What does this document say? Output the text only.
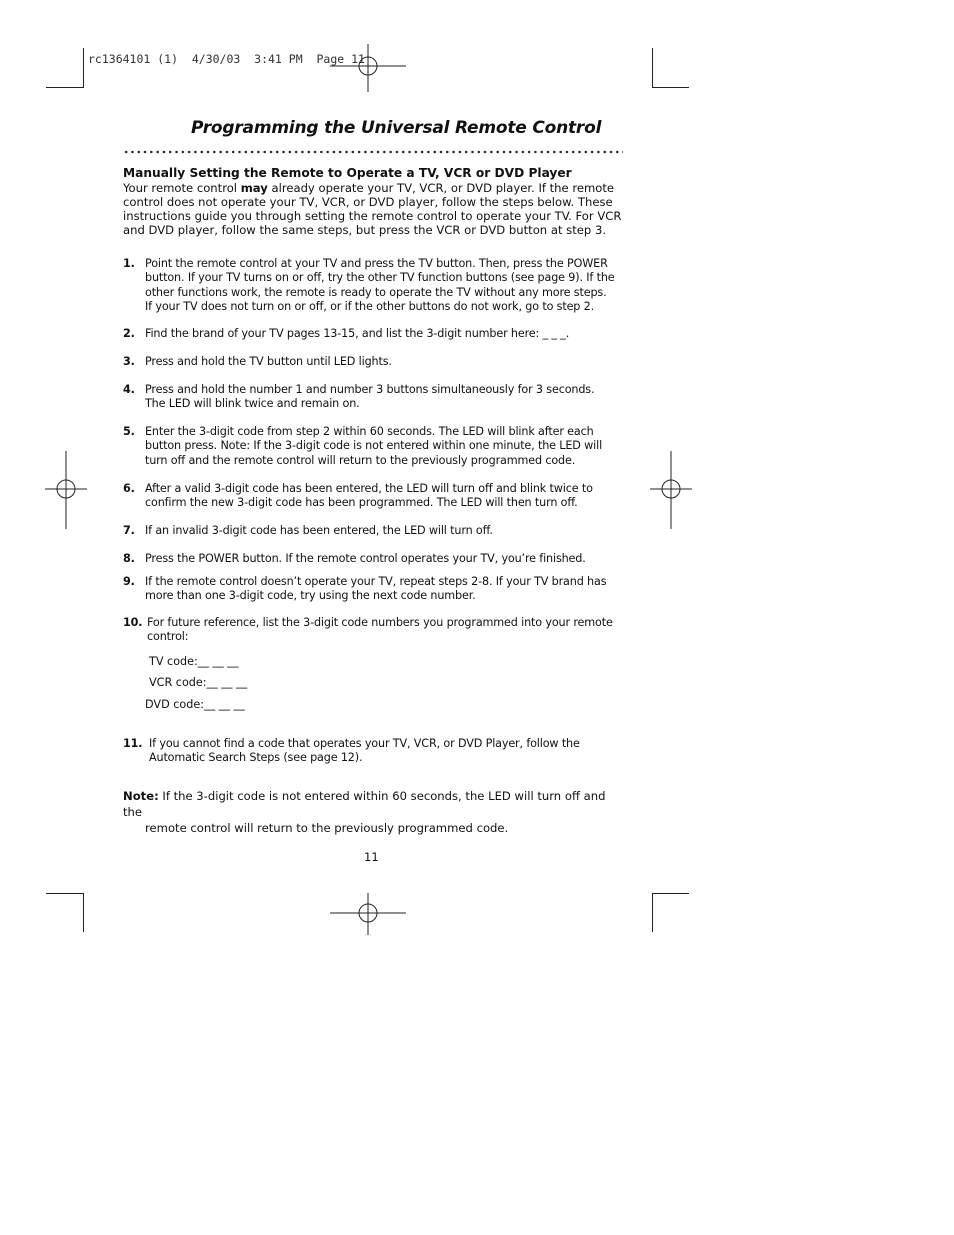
rc1364101 (1)  4/30/03  3:41 PM  Page 11
Programming the Universal Remote Control
Manually Setting the Remote to Operate a TV, VCR or DVD Player
Your remote control may already operate your TV, VCR, or DVD player. If the remote control does not operate your TV, VCR, or DVD player, follow the steps below. These instructions guide you through setting the remote control to operate your TV. For VCR and DVD player, follow the same steps, but press the VCR or DVD button at step 3.
1. Point the remote control at your TV and press the TV button. Then, press the POWER button. If your TV turns on or off, try the other TV function buttons (see page 9). If the other functions work, the remote is ready to operate the TV without any more steps. If your TV does not turn on or off, or if the other buttons do not work, go to step 2.
2. Find the brand of your TV pages 13-15, and list the 3-digit number here: _ _ _.
3. Press and hold the TV button until LED lights.
4. Press and hold the number 1 and number 3 buttons simultaneously for 3 seconds. The LED will blink twice and remain on.
5. Enter the 3-digit code from step 2 within 60 seconds. The LED will blink after each button press. Note: If the 3-digit code is not entered within one minute, the LED will turn off and the remote control will return to the previously programmed code.
6. After a valid 3-digit code has been entered, the LED will turn off and blink twice to confirm the new 3-digit code has been programmed. The LED will then turn off.
7. If an invalid 3-digit code has been entered, the LED will turn off.
8. Press the POWER button. If the remote control operates your TV, you’re finished.
9. If the remote control doesn’t operate your TV, repeat steps 2-8. If your TV brand has more than one 3-digit code, try using the next code number.
10. For future reference, list the 3-digit code numbers you programmed into your remote control:
TV code:__ __ __
VCR code:__ __ __
DVD code:__ __ __
11. If you cannot find a code that operates your TV, VCR, or DVD Player, follow the Automatic Search Steps (see page 12).
Note: If the 3-digit code is not entered within 60 seconds, the LED will turn off and the
remote control will return to the previously programmed code.
11
